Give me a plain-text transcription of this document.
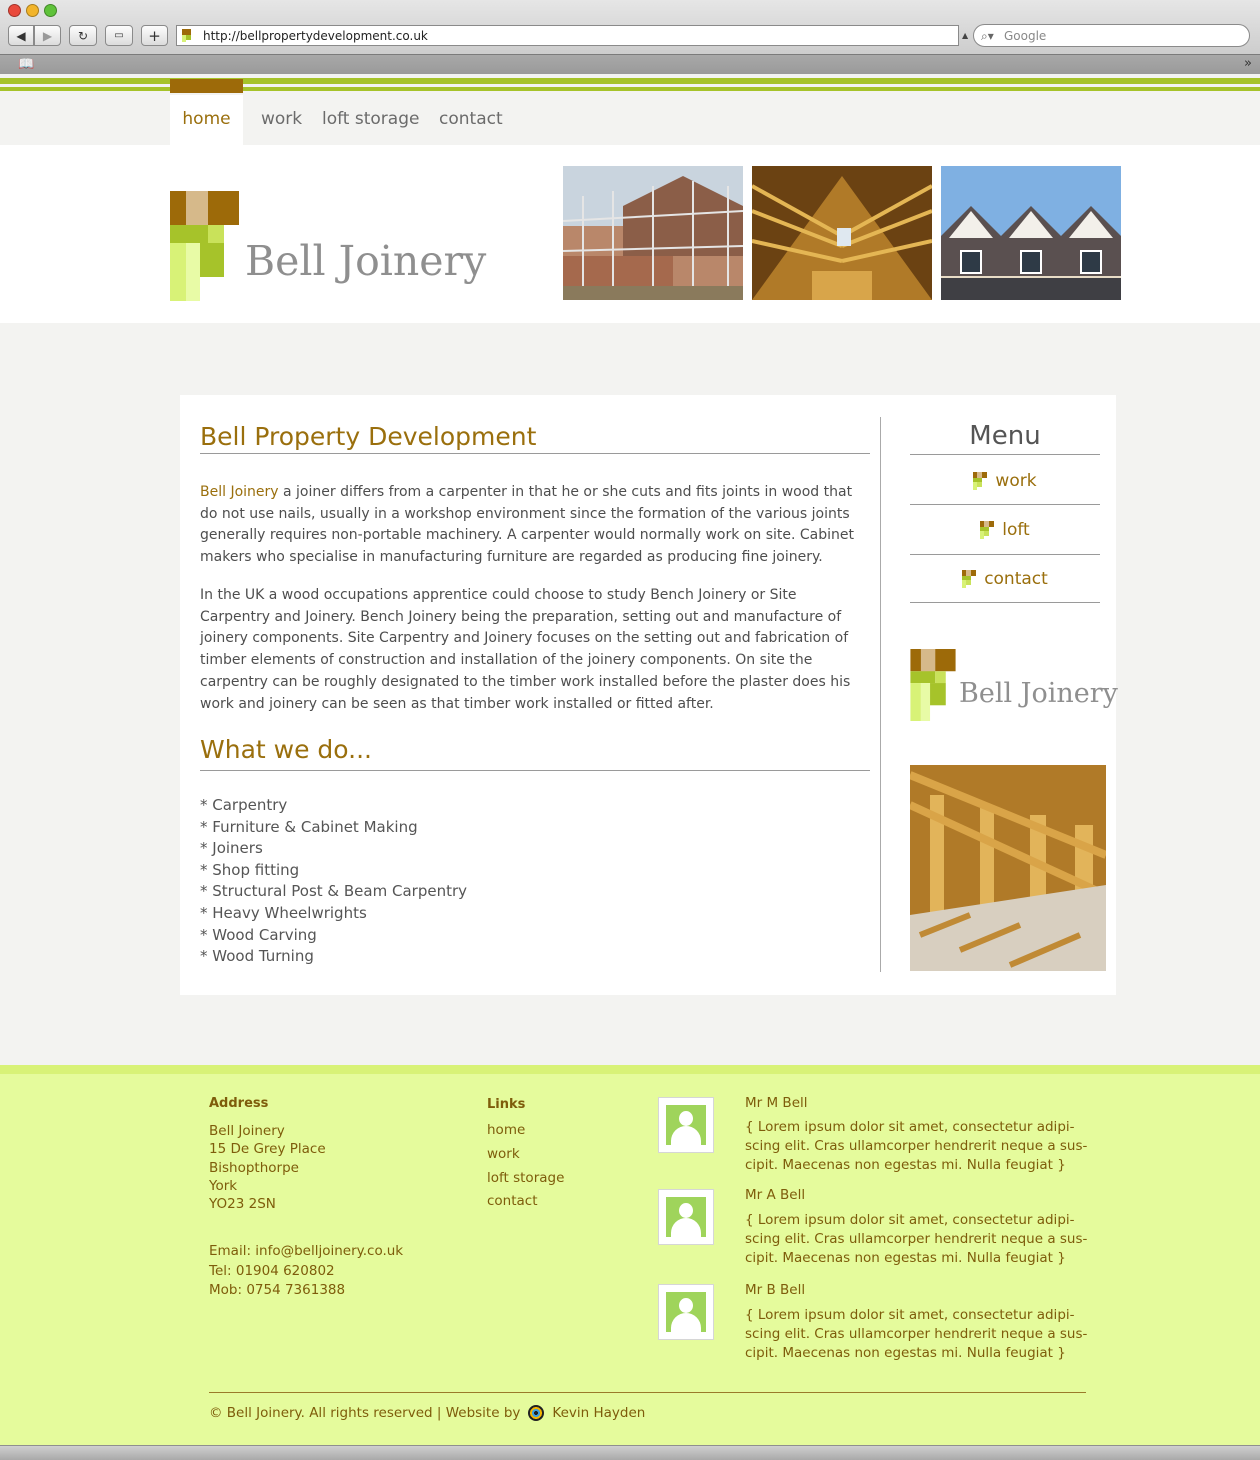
◀	▶	↻	▭ +	http://bellpropertydevelopment.co.uk	▲ ⌕▾ Google
📖	»
home	work loft storage contact
Bell Joinery
Bell Property Development

Bell Joinery a joiner differs from a carpenter in that he or she cuts and fits joints in wood that do not use nails, usually in a workshop environment since the formation of the various joints generally requires non-portable machinery. A carpenter would normally work on site. Cabinet makers who specialise in manufacturing furniture are regarded as producing fine joinery.

In the UK a wood occupations apprentice could choose to study Bench Joinery or Site Carpentry and Joinery. Bench Joinery being the preparation, setting out and manufacture of joinery components. Site Carpentry and Joinery focuses on the setting out and fabrication of timber elements of construction and installation of the joinery components. On site the carpentry can be roughly designated to the timber work installed before the plaster does his work and joinery can be seen as that timber work installed or fitted after.

What we do...
* Carpentry
* Furniture & Cabinet Making
* Joiners
* Shop fitting
* Structural Post & Beam Carpentry
* Heavy Wheelwrights
* Wood Carving
* Wood Turning
Menu
work
loft
contact
Bell Joinery
Address
Bell Joinery
15 De Grey Place
Bishopthorpe
York
YO23 2SN
Email: info@belljoinery.co.uk
Tel: 01904 620802
Mob: 0754 7361388
Links
home
work
loft storage
contact
Mr M Bell
{ Lorem ipsum dolor sit amet, consectetur adipi-scing elit. Cras ullamcorper hendrerit neque a sus-cipit. Maecenas non egestas mi. Nulla feugiat }
Mr A Bell
{ Lorem ipsum dolor sit amet, consectetur adipi-scing elit. Cras ullamcorper hendrerit neque a sus-cipit. Maecenas non egestas mi. Nulla feugiat }
Mr B Bell
{ Lorem ipsum dolor sit amet, consectetur adipi-scing elit. Cras ullamcorper hendrerit neque a sus-cipit. Maecenas non egestas mi. Nulla feugiat }
© Bell Joinery. All rights reserved | Website by Kevin Hayden
